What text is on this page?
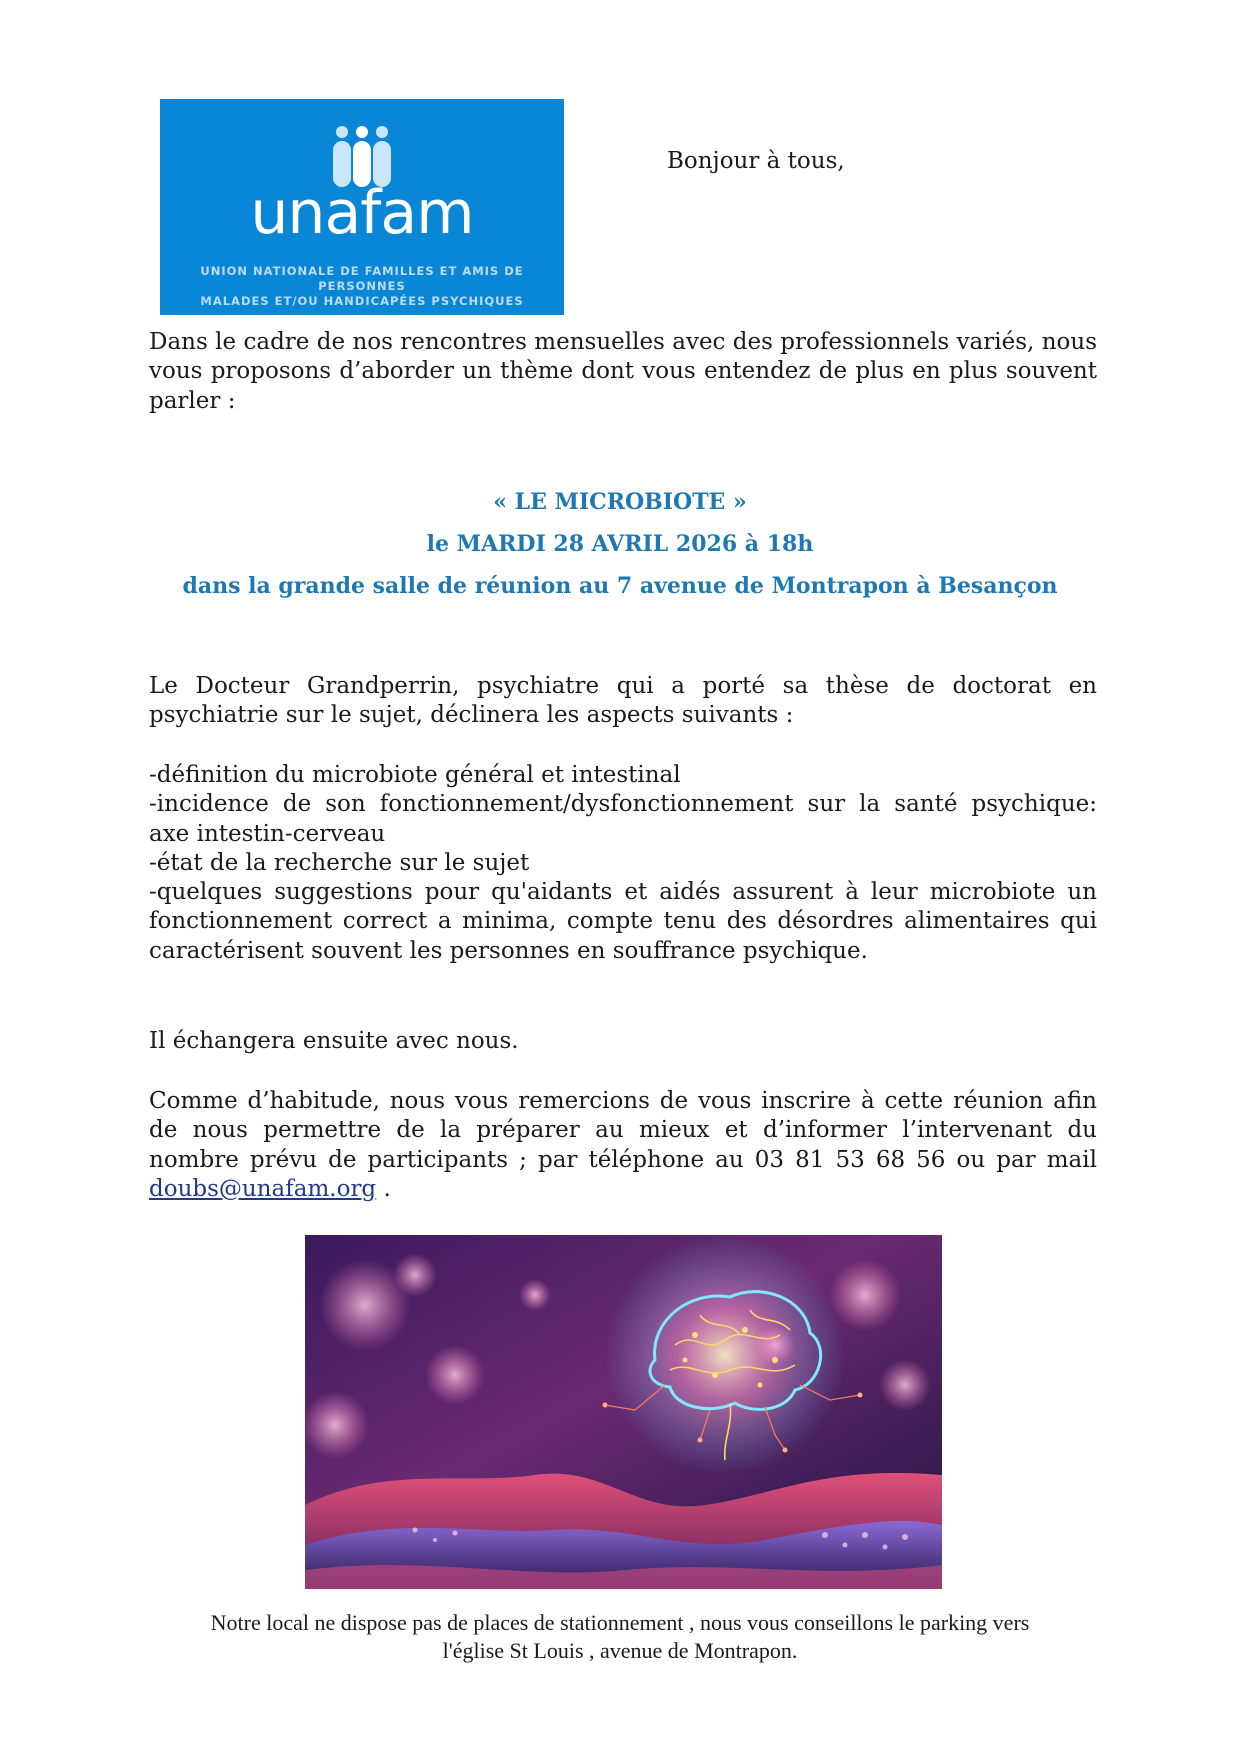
unafam
UNION NATIONALE DE FAMILLES ET AMIS DE PERSONNES
MALADES ET/OU HANDICAPÉES PSYCHIQUES
Bonjour à tous,

Dans le cadre de nos rencontres mensuelles avec des professionnels variés, nous vous proposons d’aborder un thème dont vous entendez de plus en plus souvent parler :

« LE MICROBIOTE »
le MARDI 28 AVRIL 2026 à 18h
dans la grande salle de réunion au 7 avenue de Montrapon à Besançon

Le Docteur Grandperrin, psychiatre qui a porté sa thèse de doctorat en psychiatrie sur le sujet, déclinera les aspects suivants :

-définition du microbiote général et intestinal

-incidence de son fonctionnement/dysfonctionnement sur la santé psychique: axe intestin-cerveau

-état de la recherche sur le sujet

-quelques suggestions pour qu'aidants et aidés assurent à leur microbiote un fonctionnement correct a minima, compte tenu des désordres alimentaires qui caractérisent souvent les personnes en souffrance psychique.

Il échangera ensuite avec nous.

Comme d’habitude, nous vous remercions de vous inscrire à cette réunion afin de nous permettre de la préparer au mieux et d’informer l’intervenant du nombre prévu de participants ; par téléphone au 03 81 53 68 56 ou par mail doubs@unafam.org .

Notre local ne dispose pas de places de stationnement , nous vous conseillons le parking vers
l'église St Louis , avenue de Montrapon.
